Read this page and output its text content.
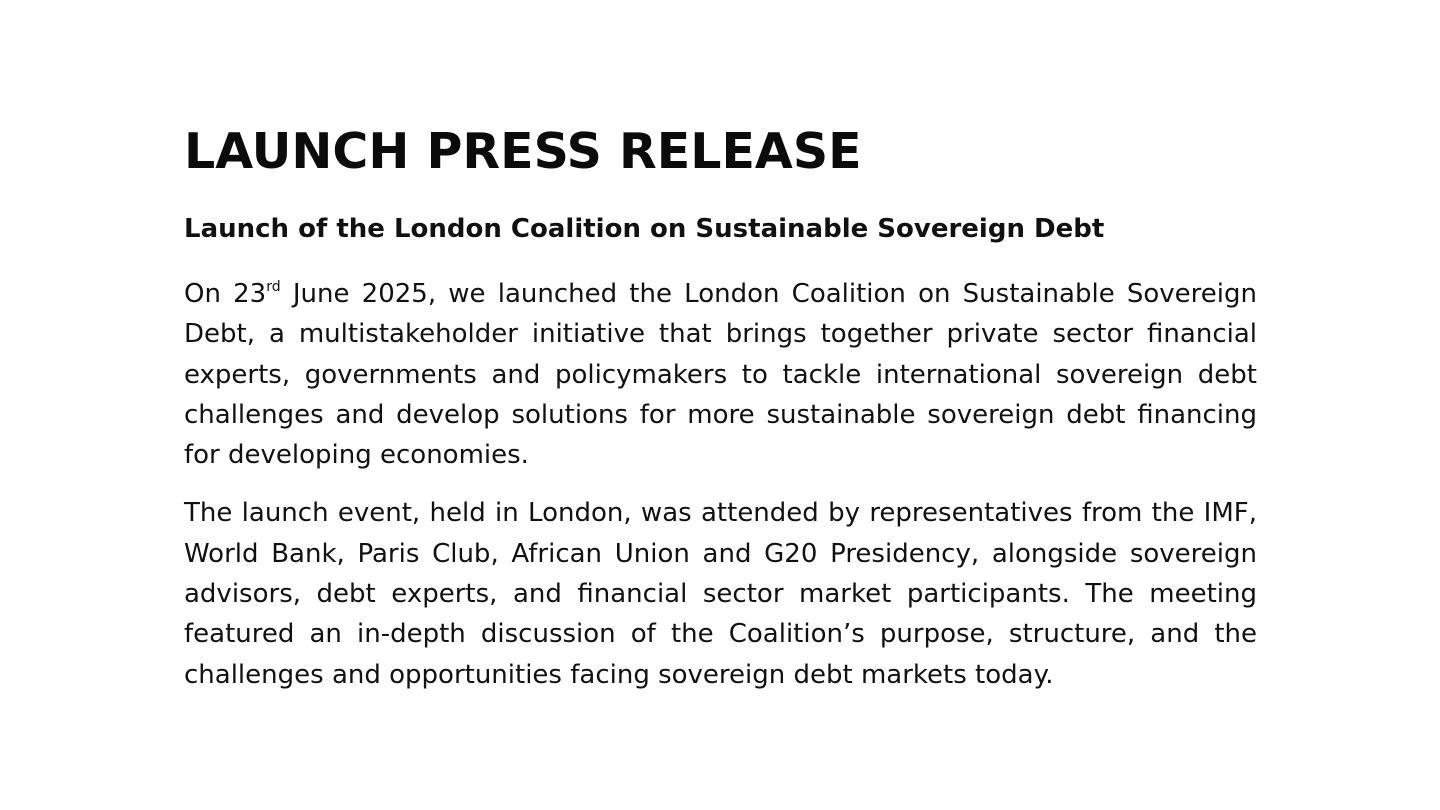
LAUNCH PRESS RELEASE
Launch of the London Coalition on Sustainable Sovereign Debt

On 23rd June 2025, we launched the London Coalition on Sustainable Sovereign Debt, a multistakeholder initiative that brings together private sector financial experts, governments and policymakers to tackle international sovereign debt challenges and develop solutions for more sustainable sovereign debt financing for developing economies.

The launch event, held in London, was attended by representatives from the IMF, World Bank, Paris Club, African Union and G20 Presidency, alongside sovereign advisors, debt experts, and financial sector market participants. The meeting featured an in-depth discussion of the Coalition’s purpose, structure, and the challenges and opportunities facing sovereign debt markets today.
